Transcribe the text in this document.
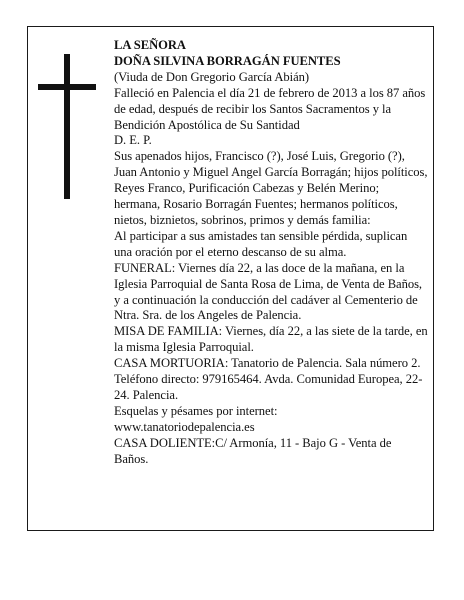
LA SEÑORA

DOÑA SILVINA BORRAGÁN FUENTES

(Viuda de Don Gregorio García Abián)

Falleció en Palencia el día 21 de febrero de 2013 a los 87 años de edad, después de recibir los Santos Sacramentos y la Bendición Apostólica de Su Santidad

D. E. P.

Sus apenados hijos, Francisco (?), José Luis, Gregorio (?), Juan Antonio y Miguel Angel García Borragán; hijos políticos, Reyes Franco, Purificación Cabezas y Belén Merino; hermana, Rosario Borragán Fuentes; hermanos políticos, nietos, biznietos, sobrinos, primos y demás familia:

Al participar a sus amistades tan sensible pérdida, suplican una oración por el eterno descanso de su alma.

FUNERAL: Viernes día 22, a las doce de la mañana, en la Iglesia Parroquial de Santa Rosa de Lima, de Venta de Baños, y a continuación la conducción del cadáver al Cementerio de Ntra. Sra. de los Angeles de Palencia.

MISA DE FAMILIA: Viernes, día 22, a las siete de la tarde, en la misma Iglesia Parroquial.

CASA MORTUORIA: Tanatorio de Palencia. Sala número 2. Teléfono directo: 979165464. Avda. Comunidad Europea, 22-24. Palencia.

Esquelas y pésames por internet:

www.tanatoriodepalencia.es

CASA DOLIENTE:C/ Armonía, 11 - Bajo G - Venta de Baños.
